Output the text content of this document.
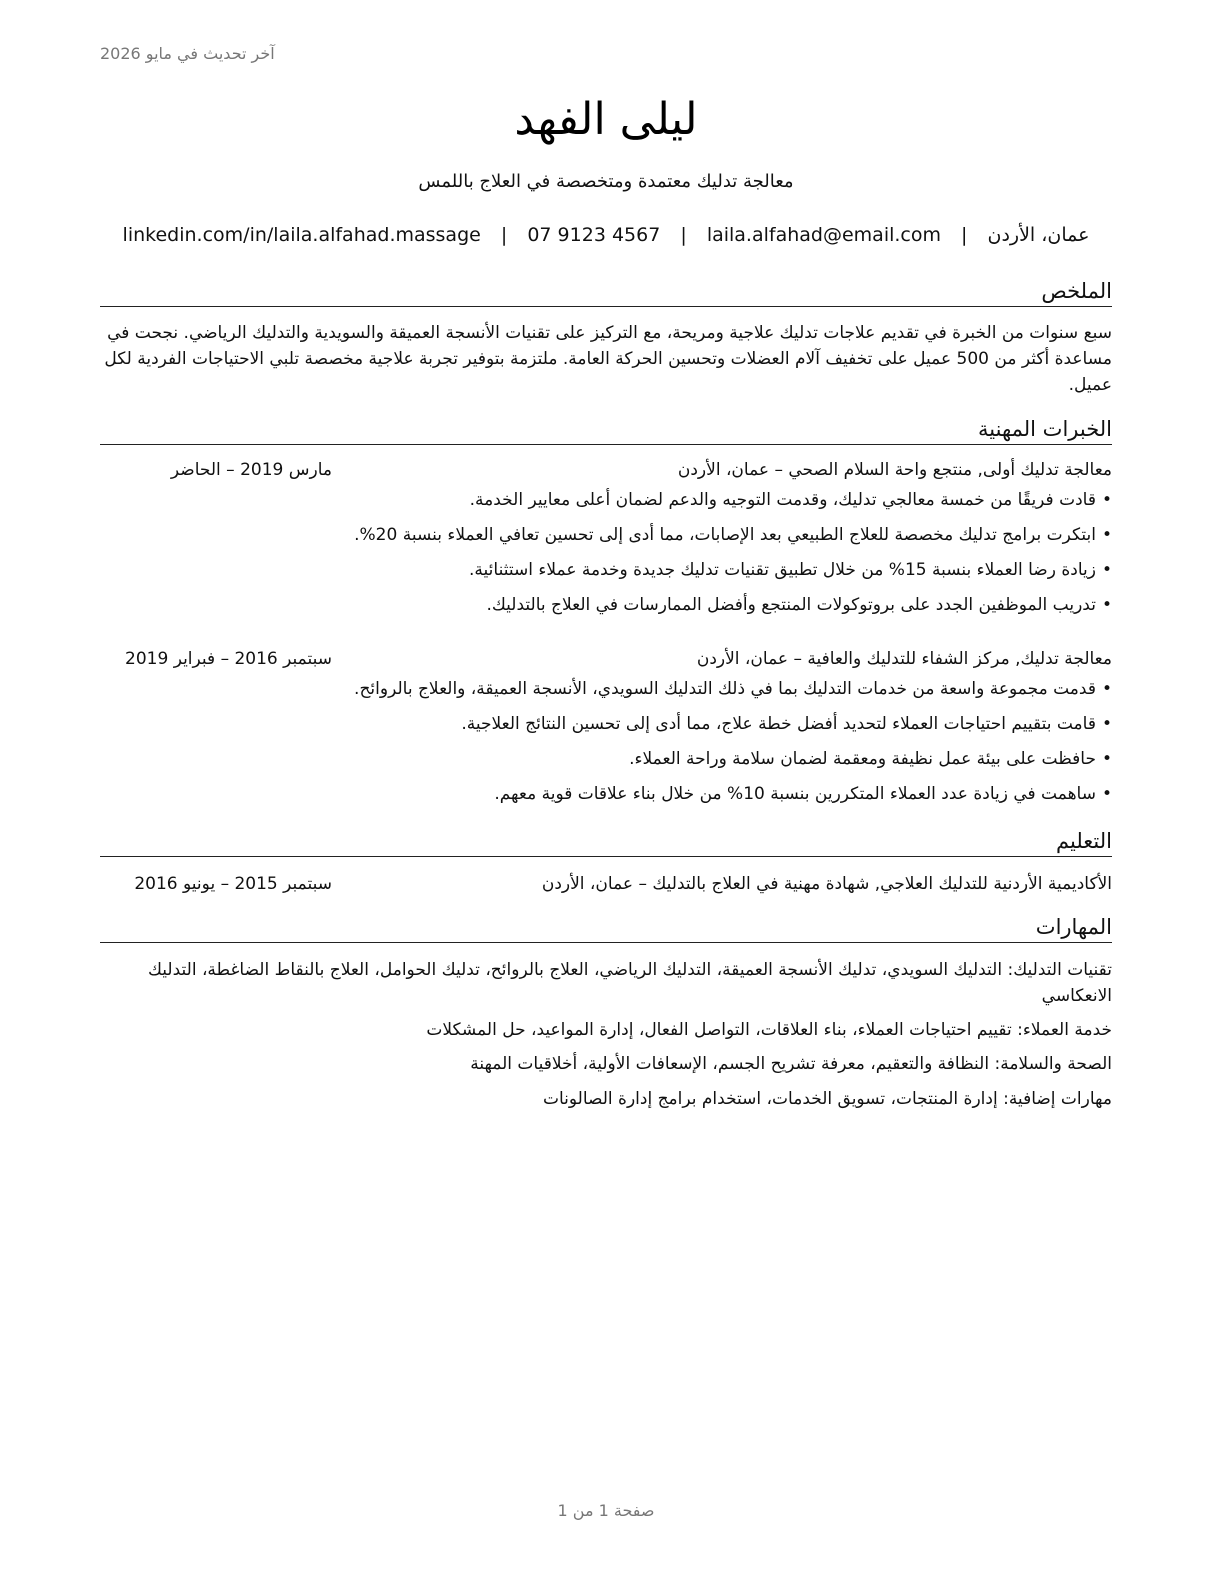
آخر تحديث في مايو 2026
ليلى الفهد
معالجة تدليك معتمدة ومتخصصة في العلاج باللمس
عمان، الأردن | laila.alfahad@email.com | 07 9123 4567 | linkedin.com/in/laila.alfahad.massage
الملخص
سبع سنوات من الخبرة في تقديم علاجات تدليك علاجية ومريحة، مع التركيز على تقنيات الأنسجة العميقة والسويدية والتدليك الرياضي. نجحت في مساعدة أكثر من 500 عميل على تخفيف آلام العضلات وتحسين الحركة العامة. ملتزمة بتوفير تجربة علاجية مخصصة تلبي الاحتياجات الفردية لكل عميل.
الخبرات المهنية
معالجة تدليك أولى, منتجع واحة السلام الصحي – عمان، الأردن
مارس 2019 – الحاضر
•قادت فريقًا من خمسة معالجي تدليك، وقدمت التوجيه والدعم لضمان أعلى معايير الخدمة.
•ابتكرت برامج تدليك مخصصة للعلاج الطبيعي بعد الإصابات، مما أدى إلى تحسين تعافي العملاء بنسبة 20%.
•زيادة رضا العملاء بنسبة 15% من خلال تطبيق تقنيات تدليك جديدة وخدمة عملاء استثنائية.
•تدريب الموظفين الجدد على بروتوكولات المنتجع وأفضل الممارسات في العلاج بالتدليك.
معالجة تدليك, مركز الشفاء للتدليك والعافية – عمان، الأردن
سبتمبر 2016 – فبراير 2019
•قدمت مجموعة واسعة من خدمات التدليك بما في ذلك التدليك السويدي، الأنسجة العميقة، والعلاج بالروائح.
•قامت بتقييم احتياجات العملاء لتحديد أفضل خطة علاج، مما أدى إلى تحسين النتائج العلاجية.
•حافظت على بيئة عمل نظيفة ومعقمة لضمان سلامة وراحة العملاء.
•ساهمت في زيادة عدد العملاء المتكررين بنسبة 10% من خلال بناء علاقات قوية معهم.
التعليم
الأكاديمية الأردنية للتدليك العلاجي, شهادة مهنية في العلاج بالتدليك – عمان، الأردن
سبتمبر 2015 – يونيو 2016
المهارات
تقنيات التدليك: التدليك السويدي، تدليك الأنسجة العميقة، التدليك الرياضي، العلاج بالروائح، تدليك الحوامل، العلاج بالنقاط الضاغطة، التدليك الانعكاسي
خدمة العملاء: تقييم احتياجات العملاء، بناء العلاقات، التواصل الفعال، إدارة المواعيد، حل المشكلات
الصحة والسلامة: النظافة والتعقيم، معرفة تشريح الجسم، الإسعافات الأولية، أخلاقيات المهنة
مهارات إضافية: إدارة المنتجات، تسويق الخدمات، استخدام برامج إدارة الصالونات
صفحة 1 من 1
